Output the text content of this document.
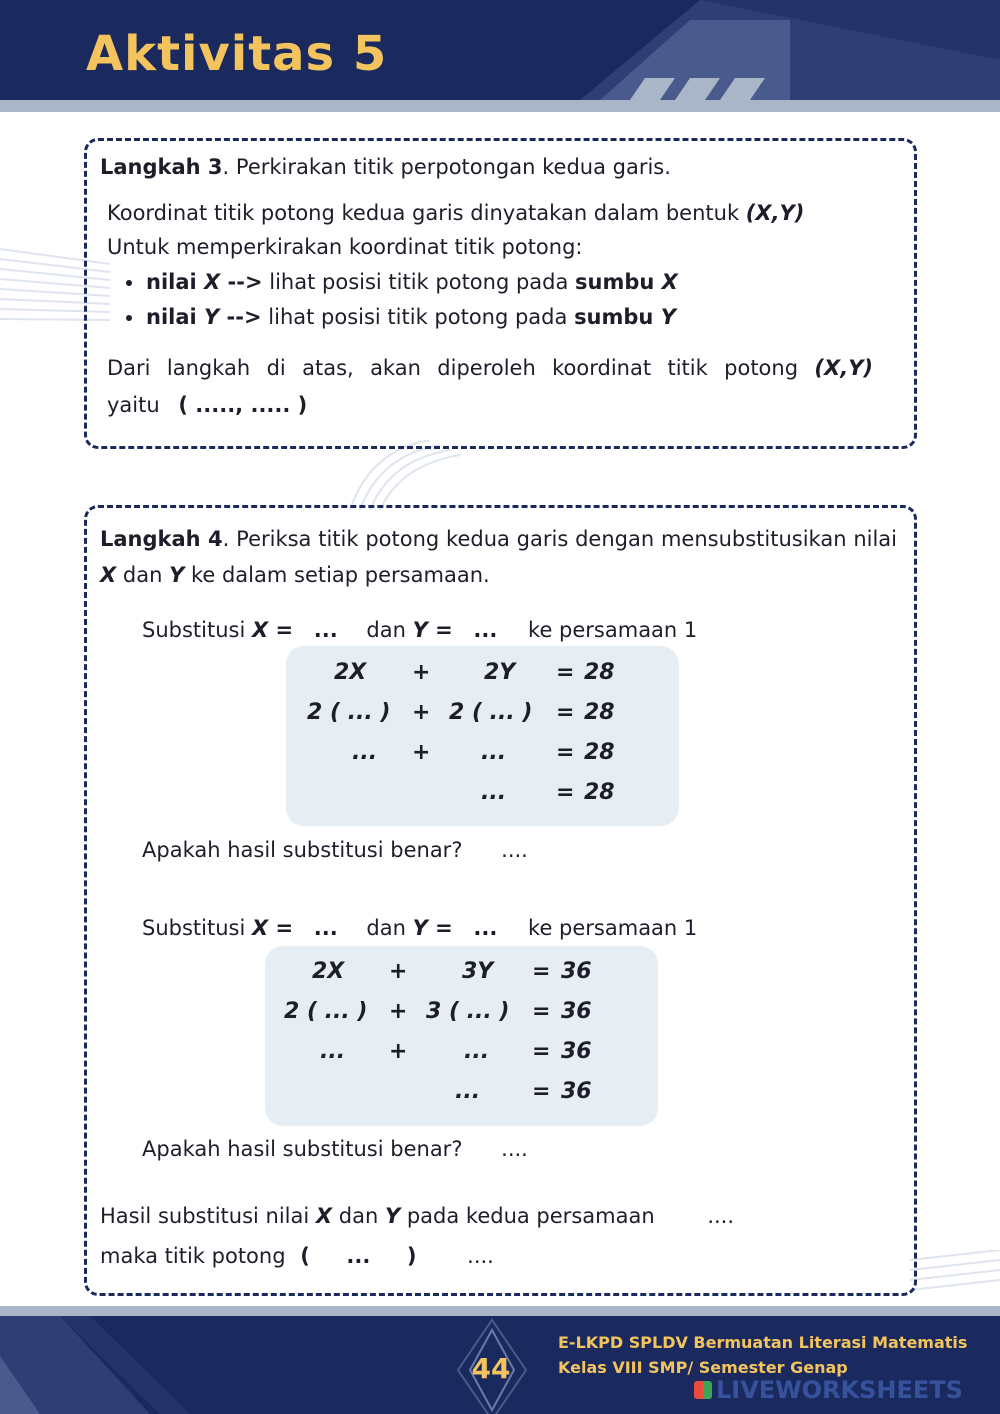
Aktivitas 5
Langkah 3. Perkirakan titik perpotongan kedua garis.
Koordinat titik potong kedua garis dinyatakan dalam bentuk (X,Y)
Untuk memperkirakan koordinat titik potong:
nilai X --> lihat posisi titik potong pada sumbu X
nilai Y --> lihat posisi titik potong pada sumbu Y
Dari langkah di atas, akan diperoleh koordinat titik potong (X,Y)
yaitu ( ....., ..... )
Langkah 4. Periksa titik potong kedua garis dengan mensubstitusikan nilai X dan Y ke dalam setiap persamaan.
Substitusi X = ... dan Y = ... ke persamaan 1
2X + 2Y = 28
2 ( ... ) + 2 ( ... ) = 28
... + ... = 28
... = 28
Apakah hasil substitusi benar? ....
Substitusi X = ... dan Y = ... ke persamaan 1
2X + 3Y = 36
2 ( ... ) + 3 ( ... ) = 36
... +	... = 36
... = 36
Apakah hasil substitusi benar? ....
Hasil substitusi nilai X dan Y pada kedua persamaan	....
maka titik potong (     ...     ) ....
44
E-LKPD SPLDV Bermuatan Literasi Matematis
Kelas VIII SMP/ Semester Genap
LIVEWORKSHEETS
